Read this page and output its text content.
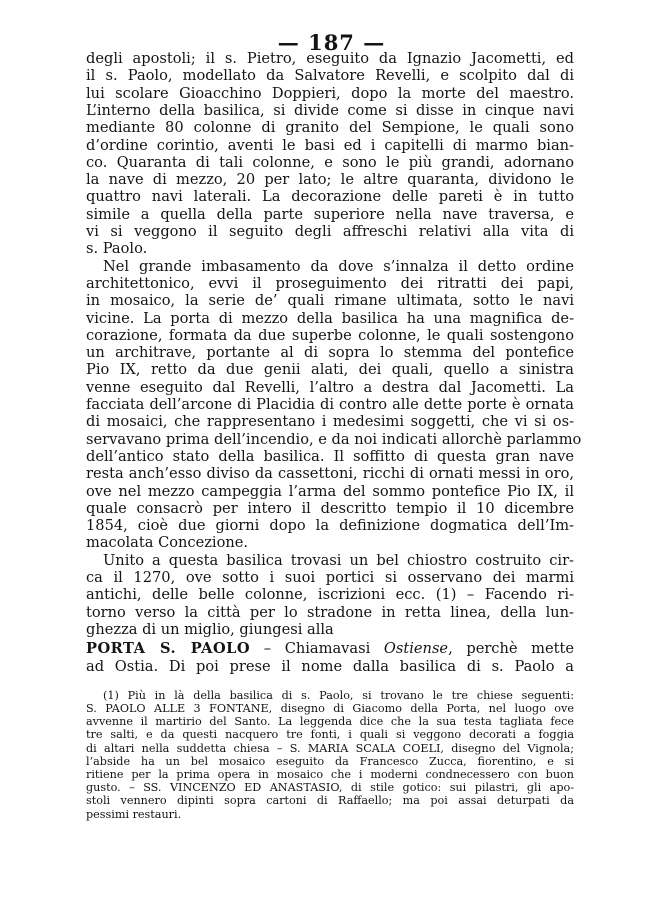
— 187 —
degli apostoli; il s. Pietro, eseguito da Ignazio Jacometti, ed
il s. Paolo, modellato da Salvatore Revelli, e scolpito dal di
lui scolare Gioacchino Doppieri, dopo la morte del maestro.
L’interno della basilica, si divide come si disse in cinque navi
mediante 80 colonne di granito del Sempione, le quali sono
d’ordine corintio, aventi le basi ed i capitelli di marmo bian-
co. Quaranta di tali colonne, e sono le più grandi, adornano
la nave di mezzo, 20 per lato; le altre quaranta, dividono le
quattro navi laterali. La decorazione delle pareti è in tutto
simile a quella della parte superiore nella nave traversa, e
vi si veggono il seguito degli affreschi relativi alla vita di
s. Paolo.
Nel grande imbasamento da dove s’innalza il detto ordine
architettonico, evvi il proseguimento dei ritratti dei papi,
in mosaico, la serie de’ quali rimane ultimata, sotto le navi
vicine. La porta di mezzo della basilica ha una magnifica de-
corazione, formata da due superbe colonne, le quali sostengono
un architrave, portante al di sopra lo stemma del pontefice
Pio IX, retto da due genii alati, dei quali, quello a sinistra
venne eseguito dal Revelli, l’altro a destra dal Jacometti. La
facciata dell’arcone di Placidia di contro alle dette porte è ornata
di mosaici, che rappresentano i medesimi soggetti, che vi si os-
servavano prima dell’incendio, e da noi indicati allorchè parlammo
dell’antico stato della basilica. Il soffitto di questa gran nave
resta anch’esso diviso da cassettoni, ricchi di ornati messi in oro,
ove nel mezzo campeggia l’arma del sommo pontefice Pio IX, il
quale consacrò per intero il descritto tempio il 10 dicembre
1854, cioè due giorni dopo la definizione dogmatica dell’Im-
macolata Concezione.
Unito a questa basilica trovasi un bel chiostro costruito cir-
ca il 1270, ove sotto i suoi portici si osservano dei marmi
antichi, delle belle colonne, iscrizioni ecc. (1) – Facendo ri-
torno verso la città per lo stradone in retta linea, della lun-
ghezza di un miglio, giungesi alla
PORTA S. PAOLO – Chiamavasi Ostiense, perchè mette
ad Ostia. Di poi prese il nome dalla basilica di s. Paolo a
(1) Più in là della basilica di s. Paolo, si trovano le tre chiese seguenti:
S. PAOLO ALLE 3 FONTANE, disegno di Giacomo della Porta, nel luogo ove
avvenne il martirio del Santo. La leggenda dice che la sua testa tagliata fece
tre salti, e da questi nacquero tre fonti, i quali si veggono decorati a foggia
di altari nella suddetta chiesa – S. MARIA SCALA COELI, disegno del Vignola;
l’abside ha un bel mosaico eseguito da Francesco Zucca, fiorentino, e si
ritiene per la prima opera in mosaico che i moderni condnecessero con buon
gusto. – SS. VINCENZO ED ANASTASIO, di stile gotico: sui pilastri, gli apo-
stoli vennero dipinti sopra cartoni di Raffaello; ma poi assai deturpati da
pessimi restauri.
